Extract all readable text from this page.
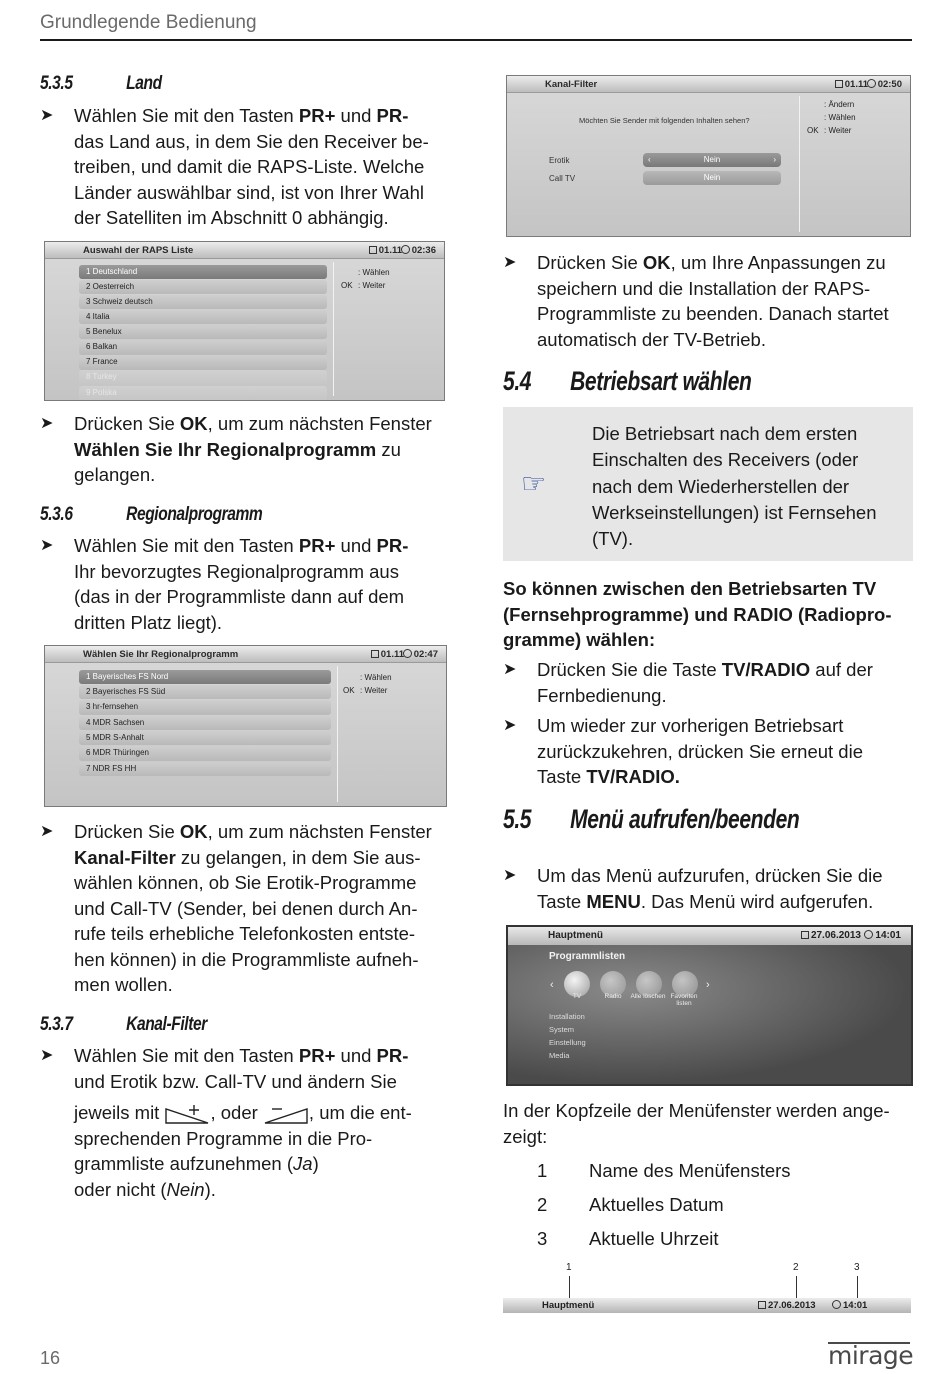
Grundlegende Bedienung
5.3.5	Land
➤ Wählen Sie mit den Tasten PR+ und PR-
das Land aus, in dem Sie den Receiver be-
treiben, und damit die RAPS-Liste. Welche
Länder auswählbar sind, ist von Ihrer Wahl
der Satelliten im Abschnitt 0 abhängig.
Auswahl der RAPS Liste	01.11	02:36
1 Deutschland
2 Oesterreich
3 Schweiz deutsch
4 Italia
5 Benelux
6 Balkan
7 France
8 Turkey
9 Polska
: Wählen
OK : Weiter
➤ Drücken Sie OK, um zum nächsten Fenster
Wählen Sie Ihr Regionalprogramm zu
gelangen.
5.3.6	Regionalprogramm
➤ Wählen Sie mit den Tasten PR+ und PR-
Ihr bevorzugtes Regionalprogramm aus
(das in der Programmliste dann auf dem
dritten Platz liegt).
Wählen Sie Ihr Regionalprogramm	01.11	02:47
1 Bayerisches FS Nord
2 Bayerisches FS Süd
3 hr-fernsehen
4 MDR Sachsen
5 MDR S-Anhalt
6 MDR Thüringen
7 NDR FS HH
: Wählen
OK : Weiter
➤ Drücken Sie OK, um zum nächsten Fenster
Kanal-Filter zu gelangen, in dem Sie aus-
wählen können, ob Sie Erotik-Programme
und Call-TV (Sender, bei denen durch An-
rufe teils erhebliche Telefonkosten entste-
hen können) in die Programmliste aufneh-
men wollen.
5.3.7	Kanal-Filter
➤ Wählen Sie mit den Tasten PR+ und PR-
und Erotik bzw. Call-TV und ändern Sie
jeweils mit , oder , um die ent-
sprechenden Programme in die Pro-
grammliste aufzunehmen (Ja)
oder nicht (Nein).
Kanal-Filter	01.11	02:50
: Ändern
: Wählen
OK : Weiter
Möchten Sie Sender mit folgenden Inhalten sehen?
Erotik	‹	Nein	›
Call TV	Nein
➤ Drücken Sie OK, um Ihre Anpassungen zu
speichern und die Installation der RAPS-
Programmliste zu beenden. Danach startet
automatisch der TV-Betrieb.
5.4 Betriebsart wählen
☞
Die Betriebsart nach dem ersten
Einschalten des Receivers (oder
nach dem Wiederherstellen der
Werkseinstellungen) ist Fernsehen
(TV).
So können zwischen den Betriebsarten TV
(Fernsehprogramme) und RADIO (Radiopro-
gramme) wählen:
➤ Drücken Sie die Taste TV/RADIO auf der
Fernbedienung.
➤ Um wieder zur vorherigen Betriebsart
zurückzukehren, drücken Sie erneut die
Taste TV/RADIO.
5.5 Menü aufrufen/beenden
➤ Um das Menü aufzurufen, drücken Sie die
Taste MENU. Das Menü wird aufgerufen.
Hauptmenü	27.06.2013	14:01
Programmlisten
‹	›
TV	Radio	Alle löschen Favoriten listen
Installation
System
Einstellung
Media
In der Kopfzeile der Menüfenster werden ange-
zeigt:
1 Name des Menüfensters
2 Aktuelles Datum
3 Aktuelle Uhrzeit
1	2	3
Hauptmenü	27.06.2013	14:01
16	mirage
